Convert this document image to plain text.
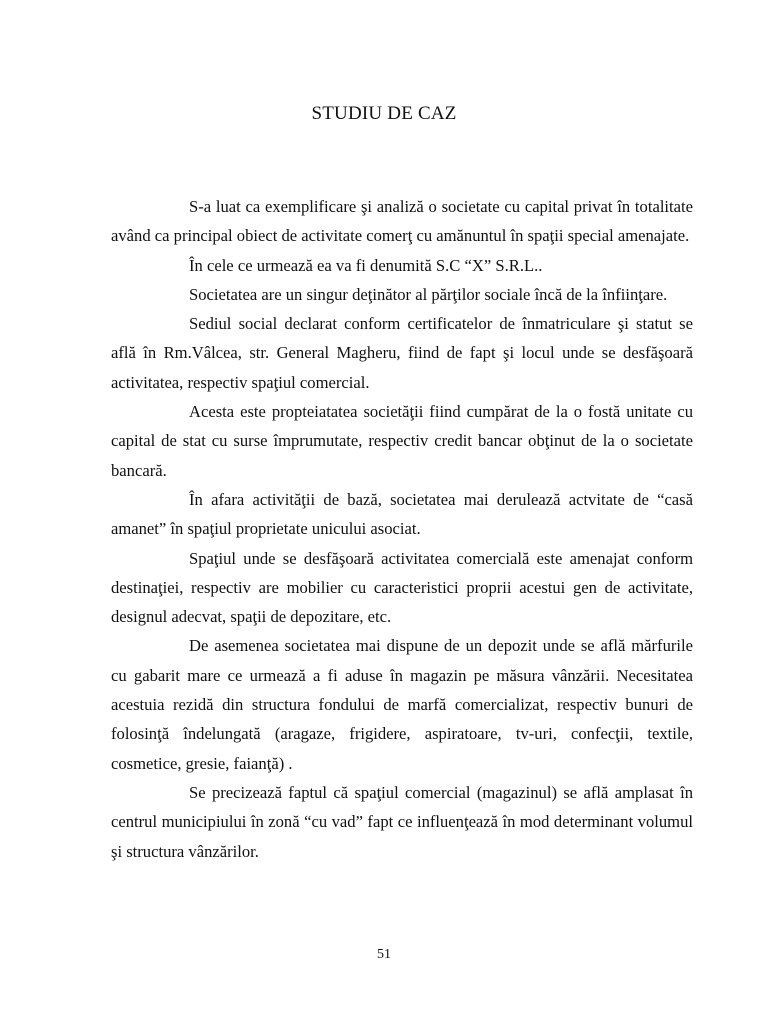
STUDIU DE CAZ

S-a luat ca exemplificare şi analiză o societate cu capital privat în totalitate având ca principal obiect de activitate comerţ cu amănuntul în spaţii special amenajate.

În cele ce urmează ea va fi denumită S.C “X” S.R.L..

Societatea are un singur deţinător al părţilor sociale încă de la înfiinţare.

Sediul social declarat conform certificatelor de înmatriculare şi statut se află în Rm.Vâlcea, str. General Magheru, fiind de fapt şi locul unde se desfăşoară activitatea, respectiv spaţiul comercial.

Acesta este propteiatatea societăţii fiind cumpărat de la o fostă unitate cu capital de stat cu surse împrumutate, respectiv credit bancar obţinut de la o societate bancară.

În afara activităţii de bază, societatea mai derulează actvitate de “casă amanet” în spaţiul proprietate unicului asociat.

Spaţiul unde se desfăşoară activitatea comercială este amenajat conform destinaţiei, respectiv are mobilier cu caracteristici proprii acestui gen de activitate, designul adecvat, spaţii de depozitare, etc.

De asemenea societatea mai dispune de un depozit unde se află mărfurile cu gabarit mare ce urmează a fi aduse în magazin pe măsura vânzării. Necesitatea acestuia rezidă din structura fondului de marfă comercializat, respectiv bunuri de folosinţă îndelungată (aragaze, frigidere, aspiratoare, tv-uri, confecţii, textile, cosmetice, gresie, faianţă) .

Se precizează faptul că spaţiul comercial (magazinul) se află amplasat în centrul municipiului în zonă “cu vad” fapt ce influenţează în mod determinant volumul şi structura vânzărilor.

51
